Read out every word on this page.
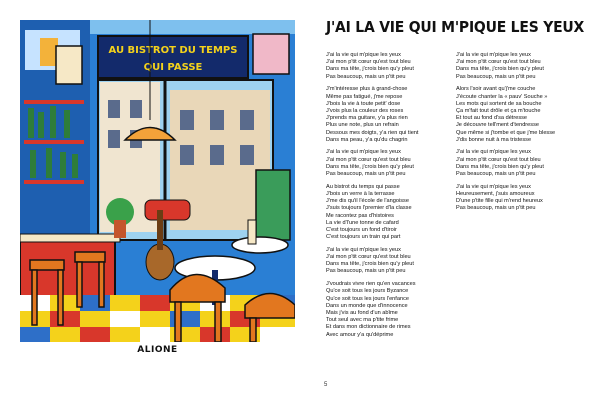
AU BISTROT DU TEMPS
QUI PASSE
ALIONE
J'AI LA VIE QUI M'PIQUE LES YEUX
J'ai la vie qui m'pique les yeux
J'ai mon p'tit cœur qu'est tout bleu
Dans ma tête, j'crois bien qu'y pleut
Pas beaucoup, mais un p'tit peu
J'm'intéresse plus à grand-chose
Même pas fatigué, j'me repose
J'bois la vie à toute petit' dose
J'vois plus la couleur des roses
J'prends ma guitare, y'a plus rien
Plus une note, plus un refrain
Dessous mes doigts, y'a rien qui tient
Dans ma peau, y'a qu'du chagrin
J'ai la vie qui m'pique les yeux
J'ai mon p'tit cœur qu'est tout bleu
Dans ma tête, j'crois bien qu'y pleut
Pas beaucoup, mais un p'tit peu
Au bistrot du temps qui passe
J'bois un verre à la terrasse
J'me dis qu'il l'école de l'angoisse
J'suis toujours l'premier d'la classe
Me racontez pas d'histoires
La vie d'l'une tonne de cafard
C'est toujours un fond d'tiroir
C'est toujours un train qui part
J'ai la vie qui m'pique les yeux
J'ai mon p'tit cœur qu'est tout bleu
Dans ma tête, j'crois bien qu'y pleut
Pas beaucoup, mais un p'tit peu
J'voudrais vivre rien qu'en vacances
Qu'ce soit tous les jours Byzance
Qu'ce soit tous les jours l'enfance
Dans un monde que d'innocence
Mais j'vis au fond d'un abîme
Tout seul avec ma p'tite frime
Et dans mon dictionnaire de rimes
Avec amour y'a qu'déprime
J'ai la vie qui m'pique les yeux
J'ai mon p'tit cœur qu'est tout bleu
Dans ma tête, j'crois bien qu'y pleut
Pas beaucoup, mais un p'tit peu
Alors l'soir avant qu'j'me couche
J'écoute chanter la « pauv' Souche »
Les mots qui sortent de sa bouche
Ça m'fait tout drôle et ça m'touche
Et tout au fond d'sa détresse
Je découvre tell'ment d'tendresse
Que même si j'tombe et que j'me blesse
J'dis bonne nuit à ma tristesse
J'ai la vie qui m'pique les yeux
J'ai mon p'tit cœur qu'est tout bleu
Dans ma tête, j'crois bien qu'y pleut
Pas beaucoup, mais un p'tit peu
J'ai la vie qui m'pique les yeux
Heureusement, j'suis amoureux
D'une p'tite fille qui m'rend heureux
Pas beaucoup, mais un p'tit peu
5
